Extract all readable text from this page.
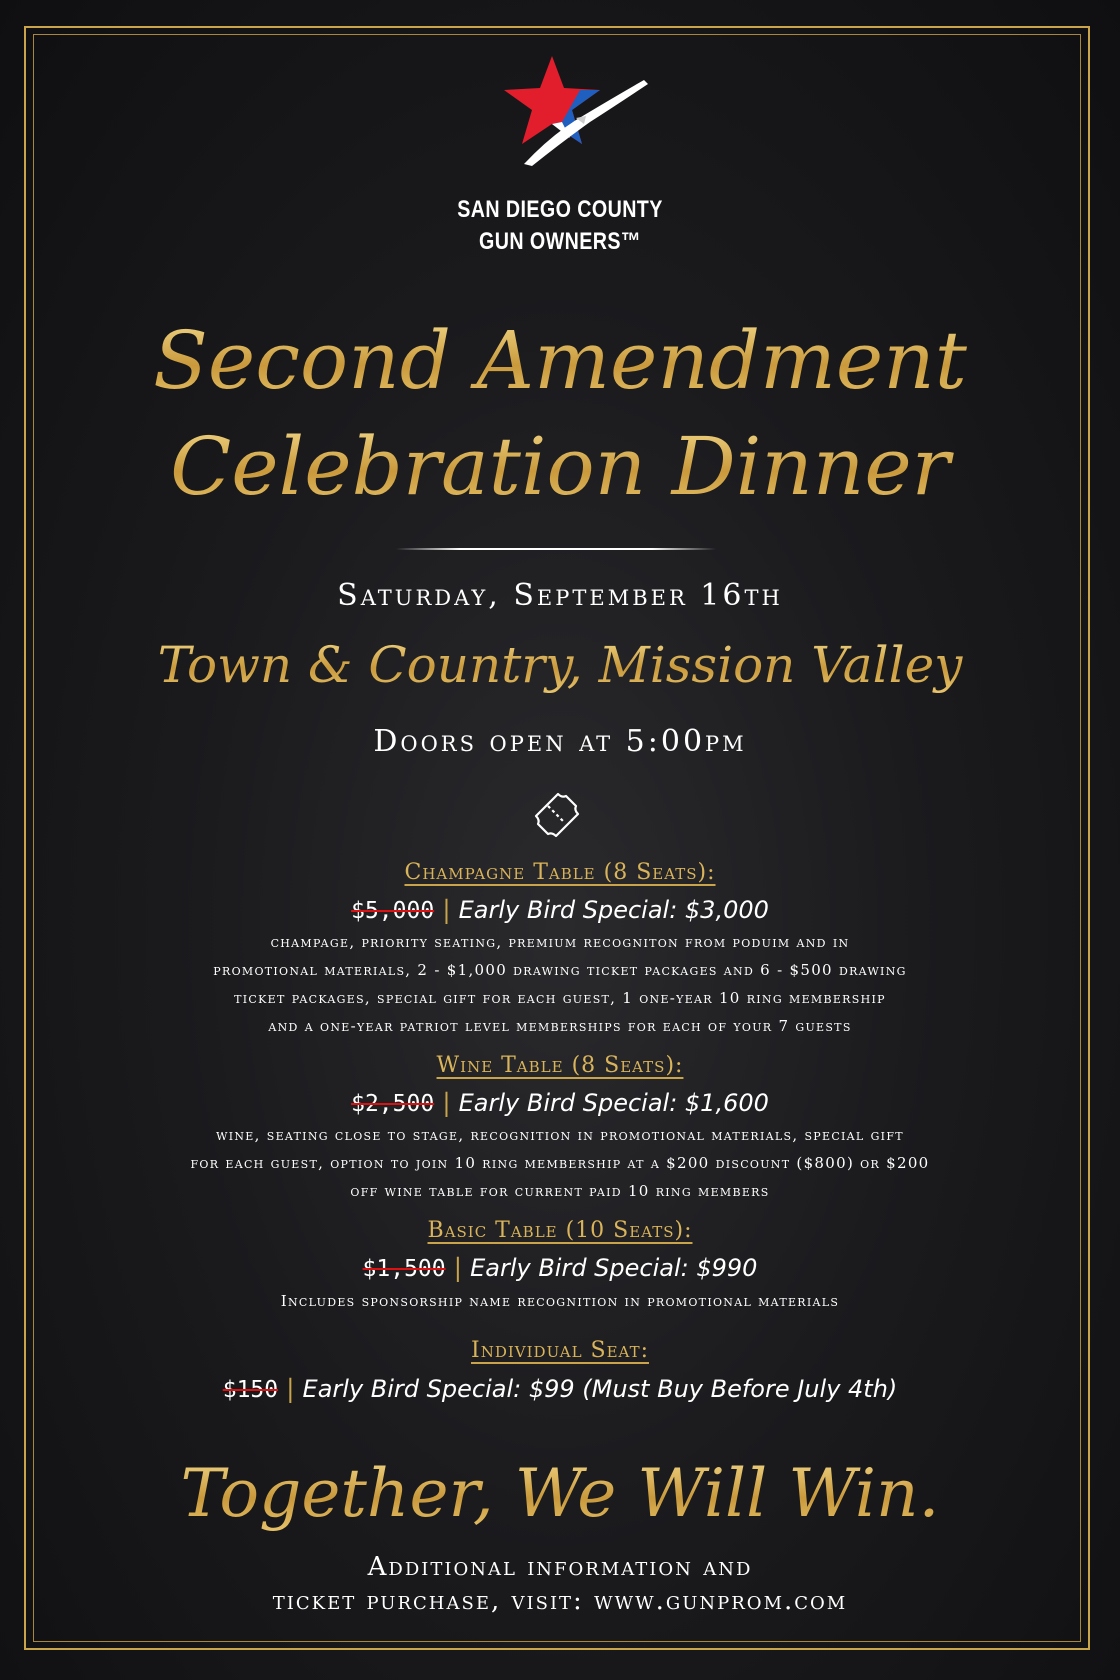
SAN DIEGO COUNTY
GUN OWNERS™
Second Amendment
Celebration Dinner
Saturday, September 16th
Town & Country, Mission Valley
Doors open at 5:00pm
Champagne Table (8 Seats):
$5,000 | Early Bird Special: $3,000
champage, priority seating, premium recogniton from poduim and in
promotional materials, 2 - $1,000 drawing ticket packages and 6 - $500 drawing
ticket packages, special gift for each guest, 1 one-year 10 ring membership
and a one-year patriot level memberships for each of your 7 guests
Wine Table (8 Seats):
$2,500 | Early Bird Special: $1,600
wine, seating close to stage, recognition in promotional materials, special gift
for each guest, option to join 10 ring membership at a $200 discount ($800) or $200
off wine table for current paid 10 ring members
Basic Table (10 Seats):
$1,500 | Early Bird Special: $990
Includes sponsorship name recognition in promotional materials
Individual Seat:
$150 | Early Bird Special: $99 (Must Buy Before July 4th)
Together, We Will Win.
Additional information and
ticket purchase, visit: www.gunprom.com
